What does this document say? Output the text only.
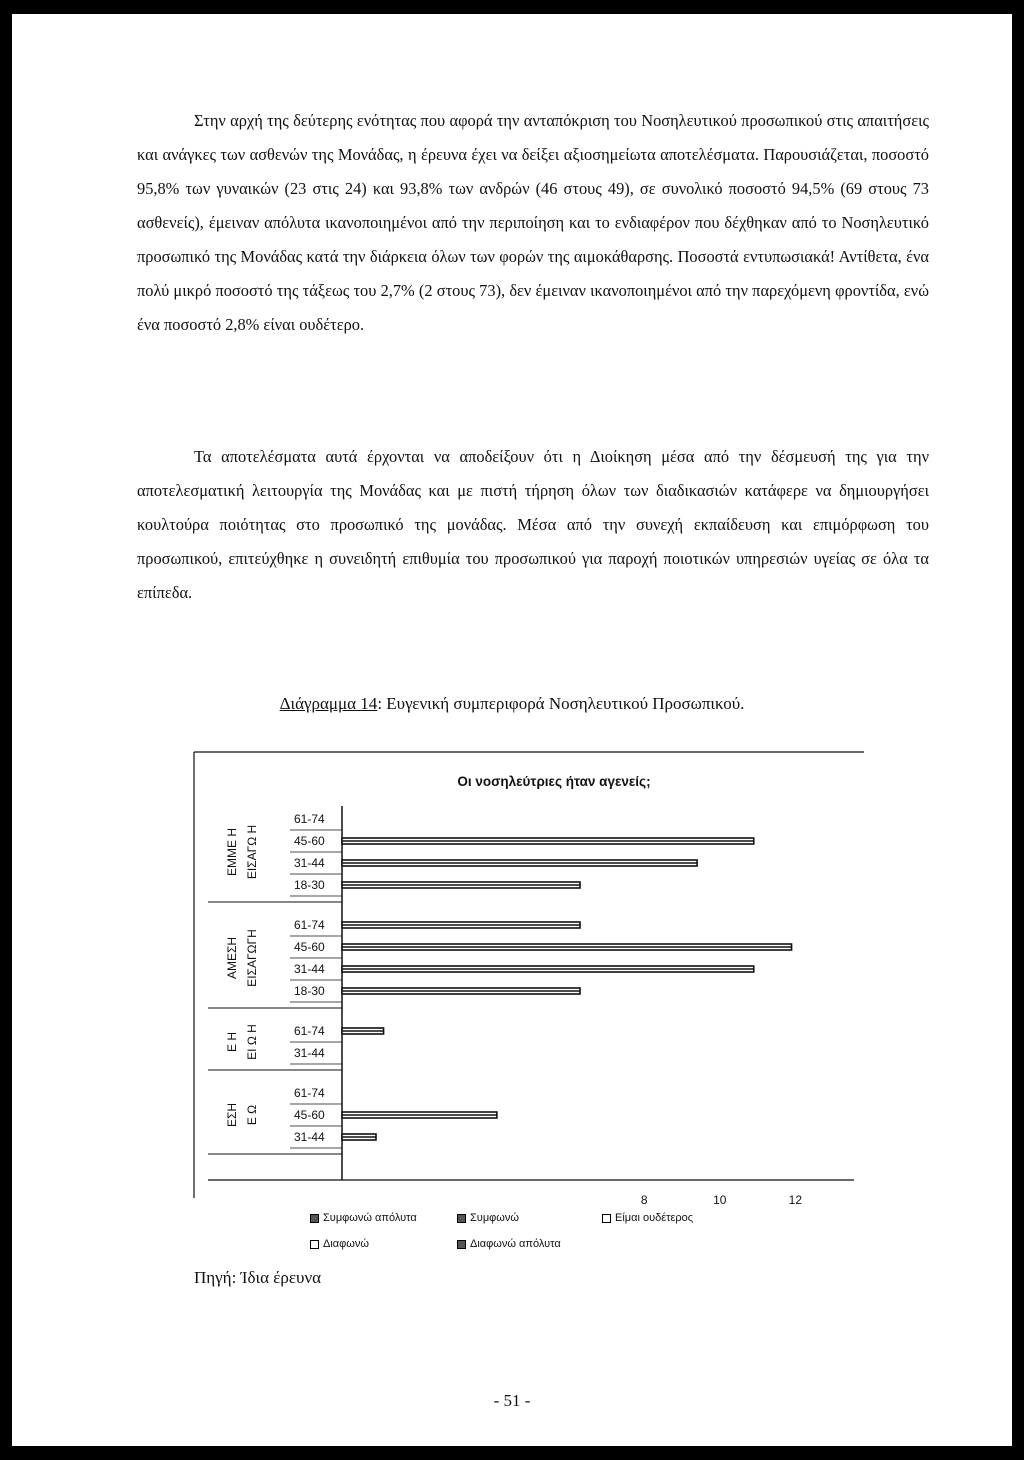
Στην αρχή της δεύτερης ενότητας που αφορά την ανταπόκριση του Νοσηλευτικού προσωπικού στις απαιτήσεις και ανάγκες των ασθενών της Μονάδας, η έρευνα έχει να δείξει αξιοσημείωτα αποτελέσματα. Παρουσιάζεται, ποσοστό 95,8% των γυναικών (23 στις 24) και 93,8% των ανδρών (46 στους 49), σε συνολικό ποσοστό 94,5% (69 στους 73 ασθενείς), έμειναν απόλυτα ικανοποιημένοι από την περιποίηση και το ενδιαφέρον που δέχθηκαν από το Νοσηλευτικό προσωπικό της Μονάδας κατά την διάρκεια όλων των φορών της αιμοκάθαρσης. Ποσοστά εντυπωσιακά! Αντίθετα, ένα πολύ μικρό ποσοστό της τάξεως του 2,7% (2 στους 73), δεν έμειναν ικανοποιημένοι από την παρεχόμενη φροντίδα, ενώ ένα ποσοστό 2,8% είναι ουδέτερο.

Τα αποτελέσματα αυτά έρχονται να αποδείξουν ότι η Διοίκηση μέσα από την δέσμευσή της για την αποτελεσματική λειτουργία της Μονάδας και με πιστή τήρηση όλων των διαδικασιών κατάφερε να δημιουργήσει κουλτούρα ποιότητας στο προσωπικό της μονάδας. Μέσα από την συνεχή εκπαίδευση και επιμόρφωση του προσωπικού, επιτεύχθηκε η συνειδητή επιθυμία του προσωπικού για παροχή ποιοτικών υπηρεσιών υγείας σε όλα τα επίπεδα.

Διάγραμμα 14: Ευγενική συμπεριφορά Νοσηλευτικού Προσωπικού.
Οι νοσηλεύτριες ήταν αγενείς;
ΕΜΜΕ Η ΕΙΣΑΓΩ Η
61-74
45-60
31-44
18-30
ΑΜΕΣΗ ΕΙΣΑΓΩΓΗ
61-74
45-60
31-44
18-30
Ε Η ΕΙ Ω Η	61-74
31-44
ΕΣΗ Ε Ω
61-74
45-60
31-44
8	10	12
Συμφωνώ απόλυτα	Συμφωνώ	Είμαι ουδέτερος
Διαφωνώ	Διαφωνώ απόλυτα
Πηγή: Ίδια έρευνα
- 51 -
